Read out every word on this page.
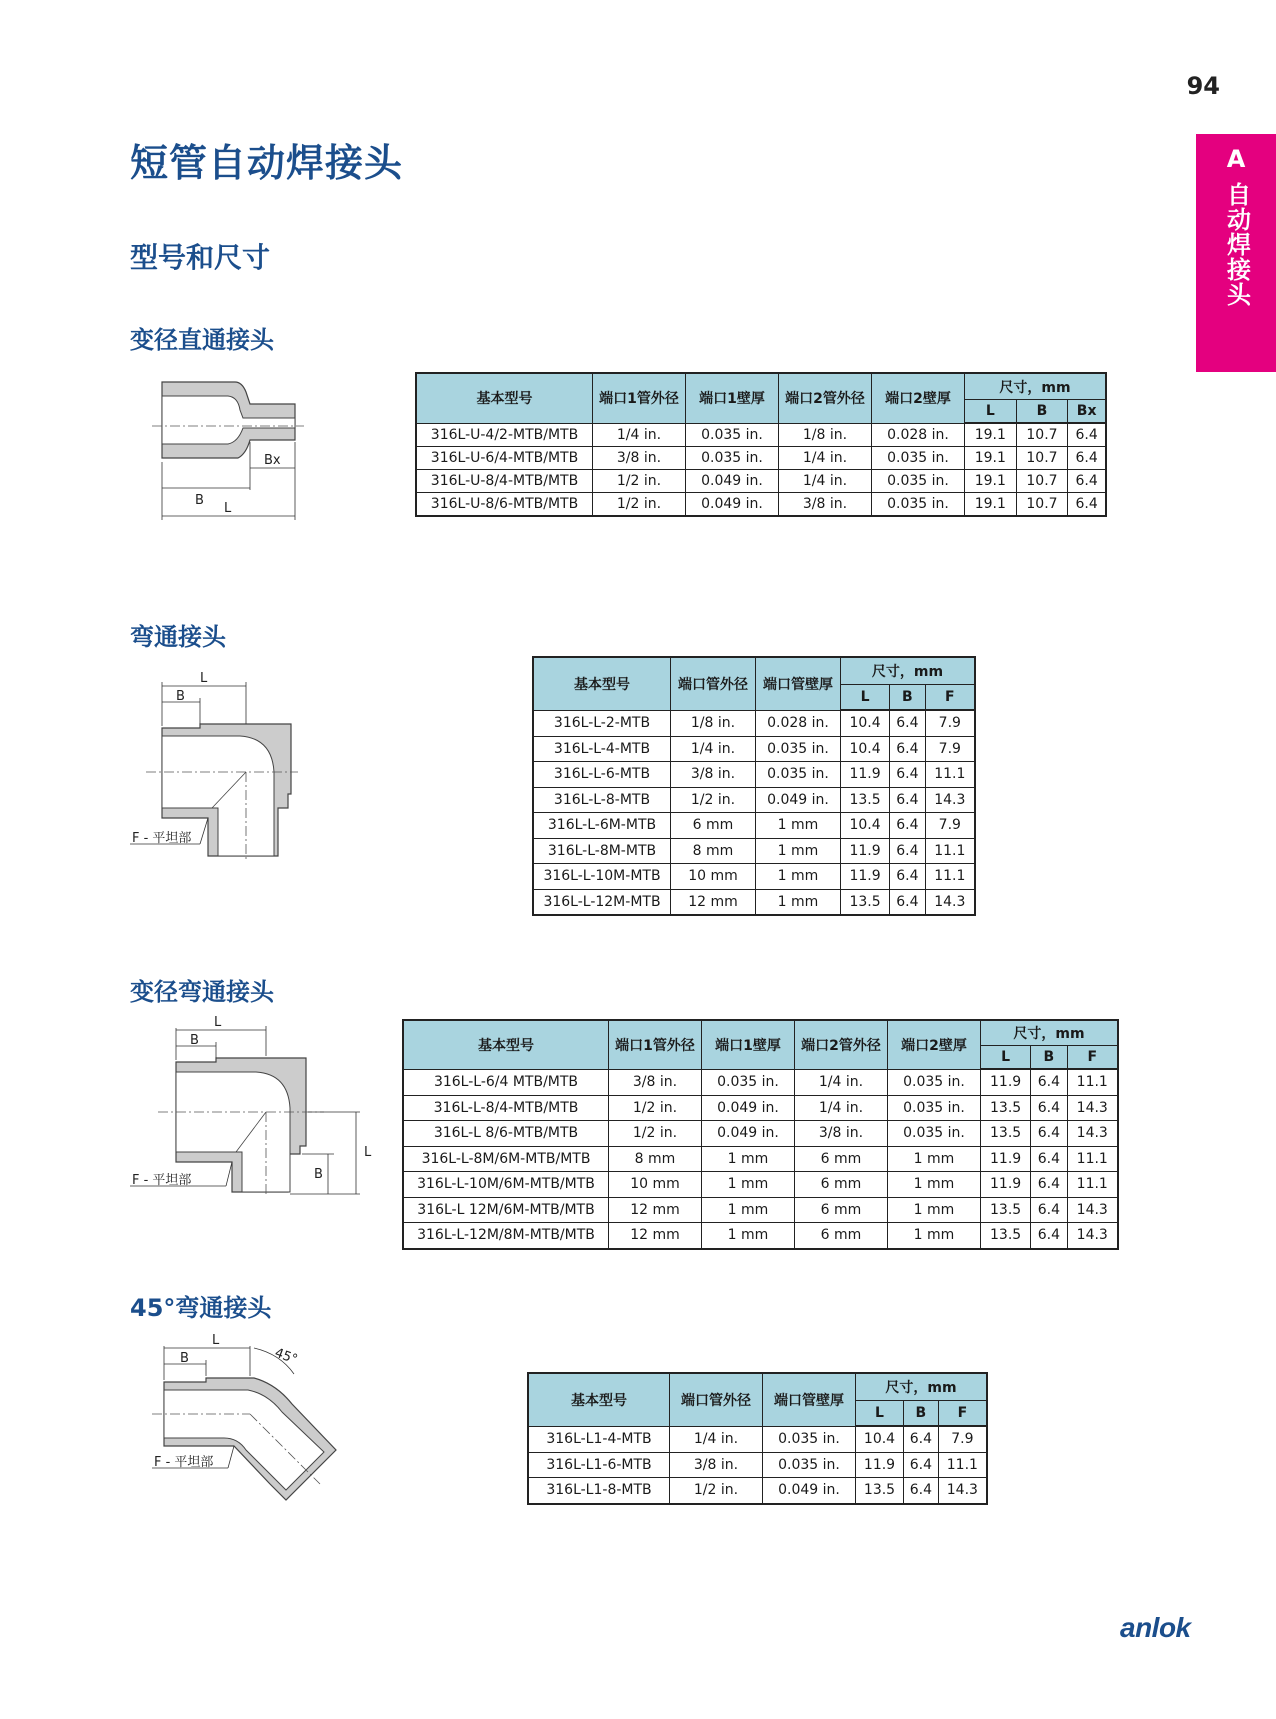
94
A
自动焊接头
短管自动焊接头
型号和尺寸
变径直通接头
Bx
B
L
基本型号	端口1管外径	端口1壁厚	端口2管外径	端口2壁厚	尺寸，mm		
					L	B	Bx
316L-U-4/2-MTB/MTB	1/4 in.	0.035 in.	1/8 in.	0.028 in.	19.1	10.7	6.4
316L-U-6/4-MTB/MTB	3/8 in.	0.035 in.	1/4 in.	0.035 in.	19.1	10.7	6.4
316L-U-8/4-MTB/MTB	1/2 in.	0.049 in.	1/4 in.	0.035 in.	19.1	10.7	6.4
316L-U-8/6-MTB/MTB	1/2 in.	0.049 in.	3/8 in.	0.035 in.	19.1	10.7	6.4
弯通接头
L
B
F - 平坦部
基本型号	端口管外径	端口管壁厚	尺寸，mm		
			L	B	F
316L-L-2-MTB	1/8 in.	0.028 in.	10.4	6.4	7.9
316L-L-4-MTB	1/4 in.	0.035 in.	10.4	6.4	7.9
316L-L-6-MTB	3/8 in.	0.035 in.	11.9	6.4	11.1
316L-L-8-MTB	1/2 in.	0.049 in.	13.5	6.4	14.3
316L-L-6M-MTB	6 mm	1 mm	10.4	6.4	7.9
316L-L-8M-MTB	8 mm	1 mm	11.9	6.4	11.1
316L-L-10M-MTB	10 mm	1 mm	11.9	6.4	11.1
316L-L-12M-MTB	12 mm	1 mm	13.5	6.4	14.3
变径弯通接头
L
B
F - 平坦部
L
B
基本型号	端口1管外径	端口1壁厚	端口2管外径	端口2壁厚	尺寸，mm		
					L	B	F
316L-L-6/4 MTB/MTB	3/8 in.	0.035 in.	1/4 in.	0.035 in.	11.9	6.4	11.1
316L-L-8/4-MTB/MTB	1/2 in.	0.049 in.	1/4 in.	0.035 in.	13.5	6.4	14.3
316L-L 8/6-MTB/MTB	1/2 in.	0.049 in.	3/8 in.	0.035 in.	13.5	6.4	14.3
316L-L-8M/6M-MTB/MTB	8 mm	1 mm	6 mm	1 mm	11.9	6.4	11.1
316L-L-10M/6M-MTB/MTB	10 mm	1 mm	6 mm	1 mm	11.9	6.4	11.1
316L-L 12M/6M-MTB/MTB	12 mm	1 mm	6 mm	1 mm	13.5	6.4	14.3
316L-L-12M/8M-MTB/MTB	12 mm	1 mm	6 mm	1 mm	13.5	6.4	14.3
45°弯通接头
L
B	45°
F - 平坦部
基本型号	端口管外径	端口管壁厚	尺寸，mm		
			L	B	F
316L-L1-4-MTB	1/4 in.	0.035 in.	10.4	6.4	7.9
316L-L1-6-MTB	3/8 in.	0.035 in.	11.9	6.4	11.1
316L-L1-8-MTB	1/2 in.	0.049 in.	13.5	6.4	14.3
anlok
